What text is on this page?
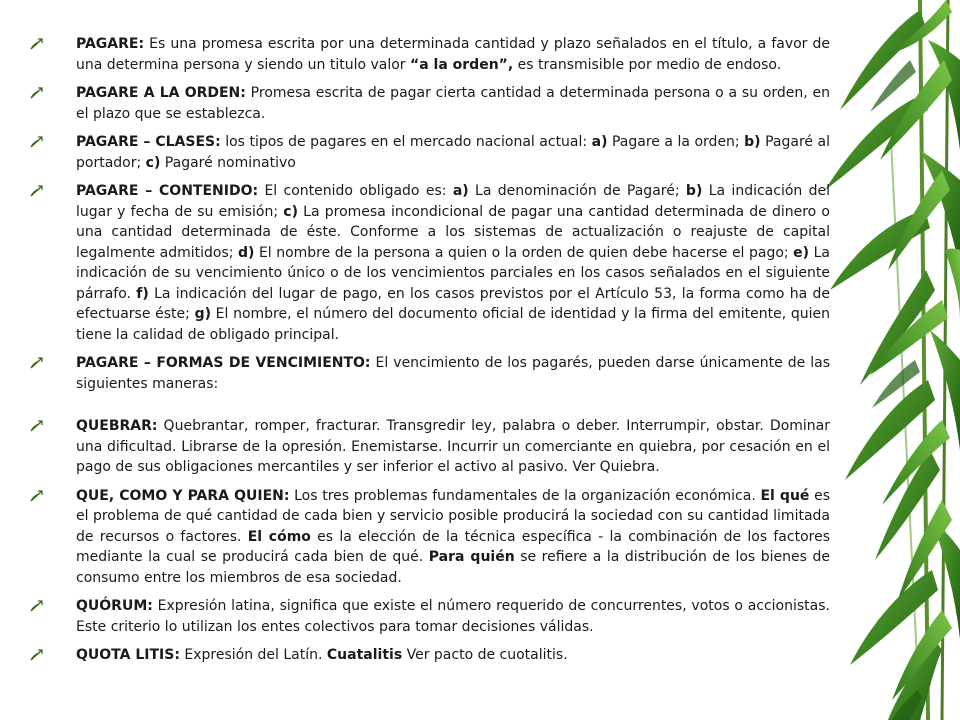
PAGARE: Es una promesa escrita por una determinada cantidad y plazo señalados en el título, a favor de una determina persona y siendo un titulo valor “a la orden”, es transmisible por medio de endoso.
PAGARE A LA ORDEN: Promesa escrita de pagar cierta cantidad a determinada persona o a su orden, en el plazo que se establezca.
PAGARE – CLASES: los tipos de pagares en el mercado nacional actual: a) Pagare a la orden; b) Pagaré al portador; c) Pagaré nominativo
PAGARE – CONTENIDO: El contenido obligado es: a) La denominación de Pagaré; b) La indicación del lugar y fecha de su emisión; c) La promesa incondicional de pagar una cantidad determinada de dinero o una cantidad determinada de éste. Conforme a los sistemas de actualización o reajuste de capital legalmente admitidos; d) El nombre de la persona a quien o la orden de quien debe hacerse el pago; e) La indicación de su vencimiento único o de los vencimientos parciales en los casos señalados en el siguiente párrafo. f) La indicación del lugar de pago, en los casos previstos por el Artículo 53, la forma como ha de efectuarse éste; g) El nombre, el número del documento oficial de identidad y la firma del emitente, quien tiene la calidad de obligado principal.
PAGARE – FORMAS DE VENCIMIENTO: El vencimiento de los pagarés, pueden darse únicamente de las siguientes maneras:
QUEBRAR: Quebrantar, romper, fracturar. Transgredir ley, palabra o deber. Interrumpir, obstar. Dominar una dificultad. Librarse de la opresión. Enemistarse. Incurrir un comerciante en quiebra, por cesación en el pago de sus obligaciones mercantiles y ser inferior el activo al pasivo. Ver Quiebra.
QUE, COMO Y PARA QUIEN: Los tres problemas fundamentales de la organización económica. El qué es el problema de qué cantidad de cada bien y servicio posible producirá la sociedad con su cantidad limitada de recursos o factores. El cómo es la elección de la técnica específica - la combinación de los factores mediante la cual se producirá cada bien de qué. Para quién se refiere a la distribución de los bienes de consumo entre los miembros de esa sociedad.
QUÓRUM: Expresión latina, significa que existe el número requerido de concurrentes, votos o accionistas. Este criterio lo utilizan los entes colectivos para tomar decisiones válidas.
QUOTA LITIS: Expresión del Latín. Cuatalitis Ver pacto de cuotalitis.
